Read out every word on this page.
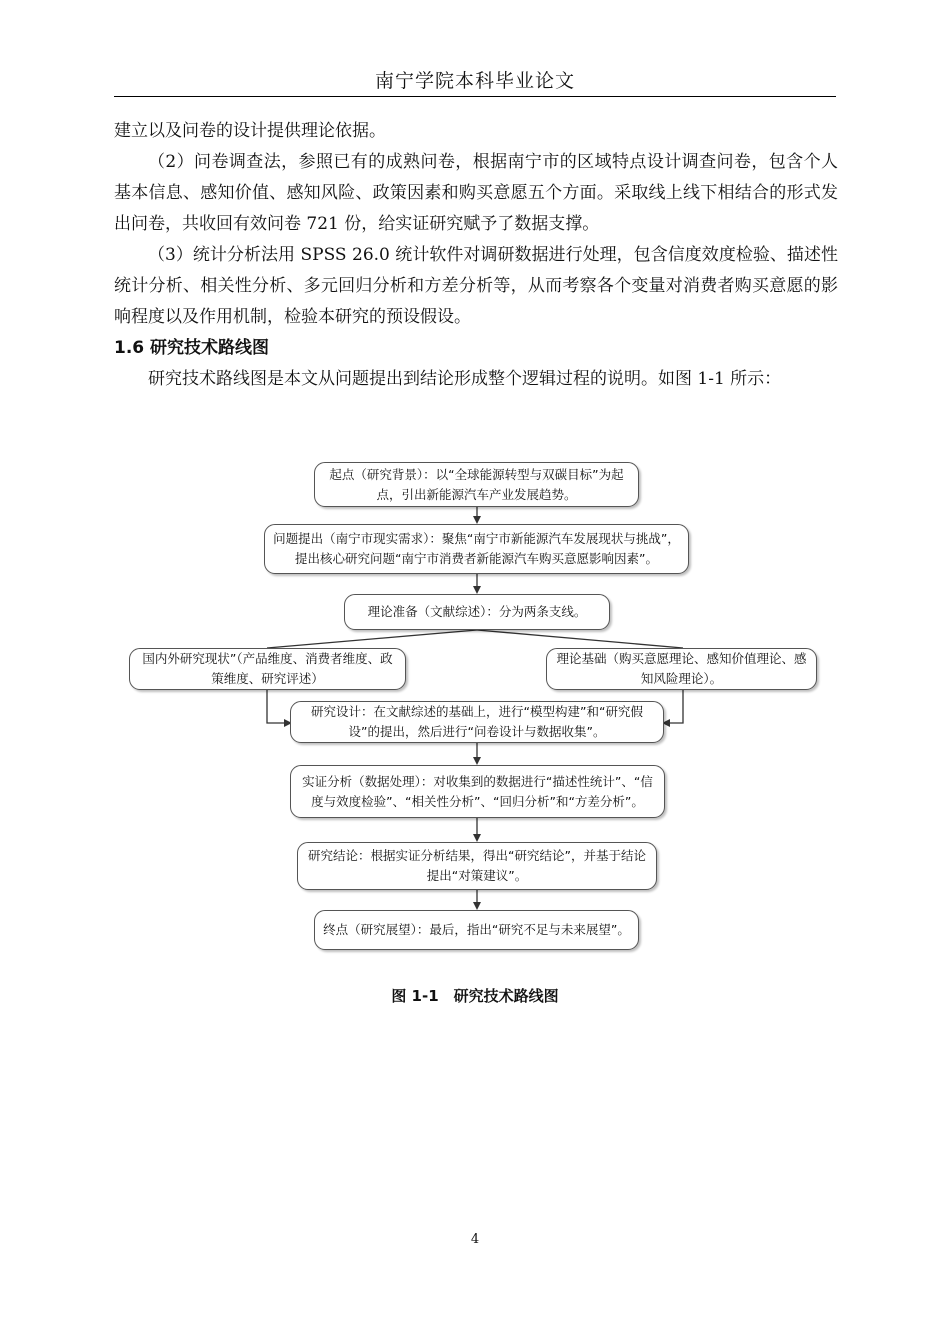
南宁学院本科毕业论文

建立以及问卷的设计提供理论依据。

（2）问卷调查法，参照已有的成熟问卷，根据南宁市的区域特点设计调查问卷，包含个人基本信息、感知价值、感知风险、政策因素和购买意愿五个方面。采取线上线下相结合的形式发出问卷，共收回有效问卷 721 份，给实证研究赋予了数据支撑。

（3）统计分析法用 SPSS 26.0 统计软件对调研数据进行处理，包含信度效度检验、描述性统计分析、相关性分析、多元回归分析和方差分析等，从而考察各个变量对消费者购买意愿的影响程度以及作用机制，检验本研究的预设假设。

1.6 研究技术路线图

研究技术路线图是本文从问题提出到结论形成整个逻辑过程的说明。如图 1-1 所示：

起点（研究背景）：以“全球能源转型与双碳目标”为起点，引出新能源汽车产业发展趋势。
问题提出（南宁市现实需求）：聚焦“南宁市新能源汽车发展现状与挑战”，提出核心研究问题“南宁市消费者新能源汽车购买意愿影响因素”。
理论准备（文献综述）：分为两条支线。
国内外研究现状”（产品维度、消费者维度、政策维度、研究评述）
理论基础（购买意愿理论、感知价值理论、感知风险理论）。
研究设计：在文献综述的基础上，进行“模型构建”和“研究假设”的提出，然后进行“问卷设计与数据收集”。
实证分析（数据处理）：对收集到的数据进行“描述性统计”、“信度与效度检验”、“相关性分析”、“回归分析”和“方差分析”。
研究结论：根据实证分析结果，得出“研究结论”，并基于结论提出“对策建议”。
终点（研究展望）：最后，指出“研究不足与未来展望”。
图 1-1　研究技术路线图
4
